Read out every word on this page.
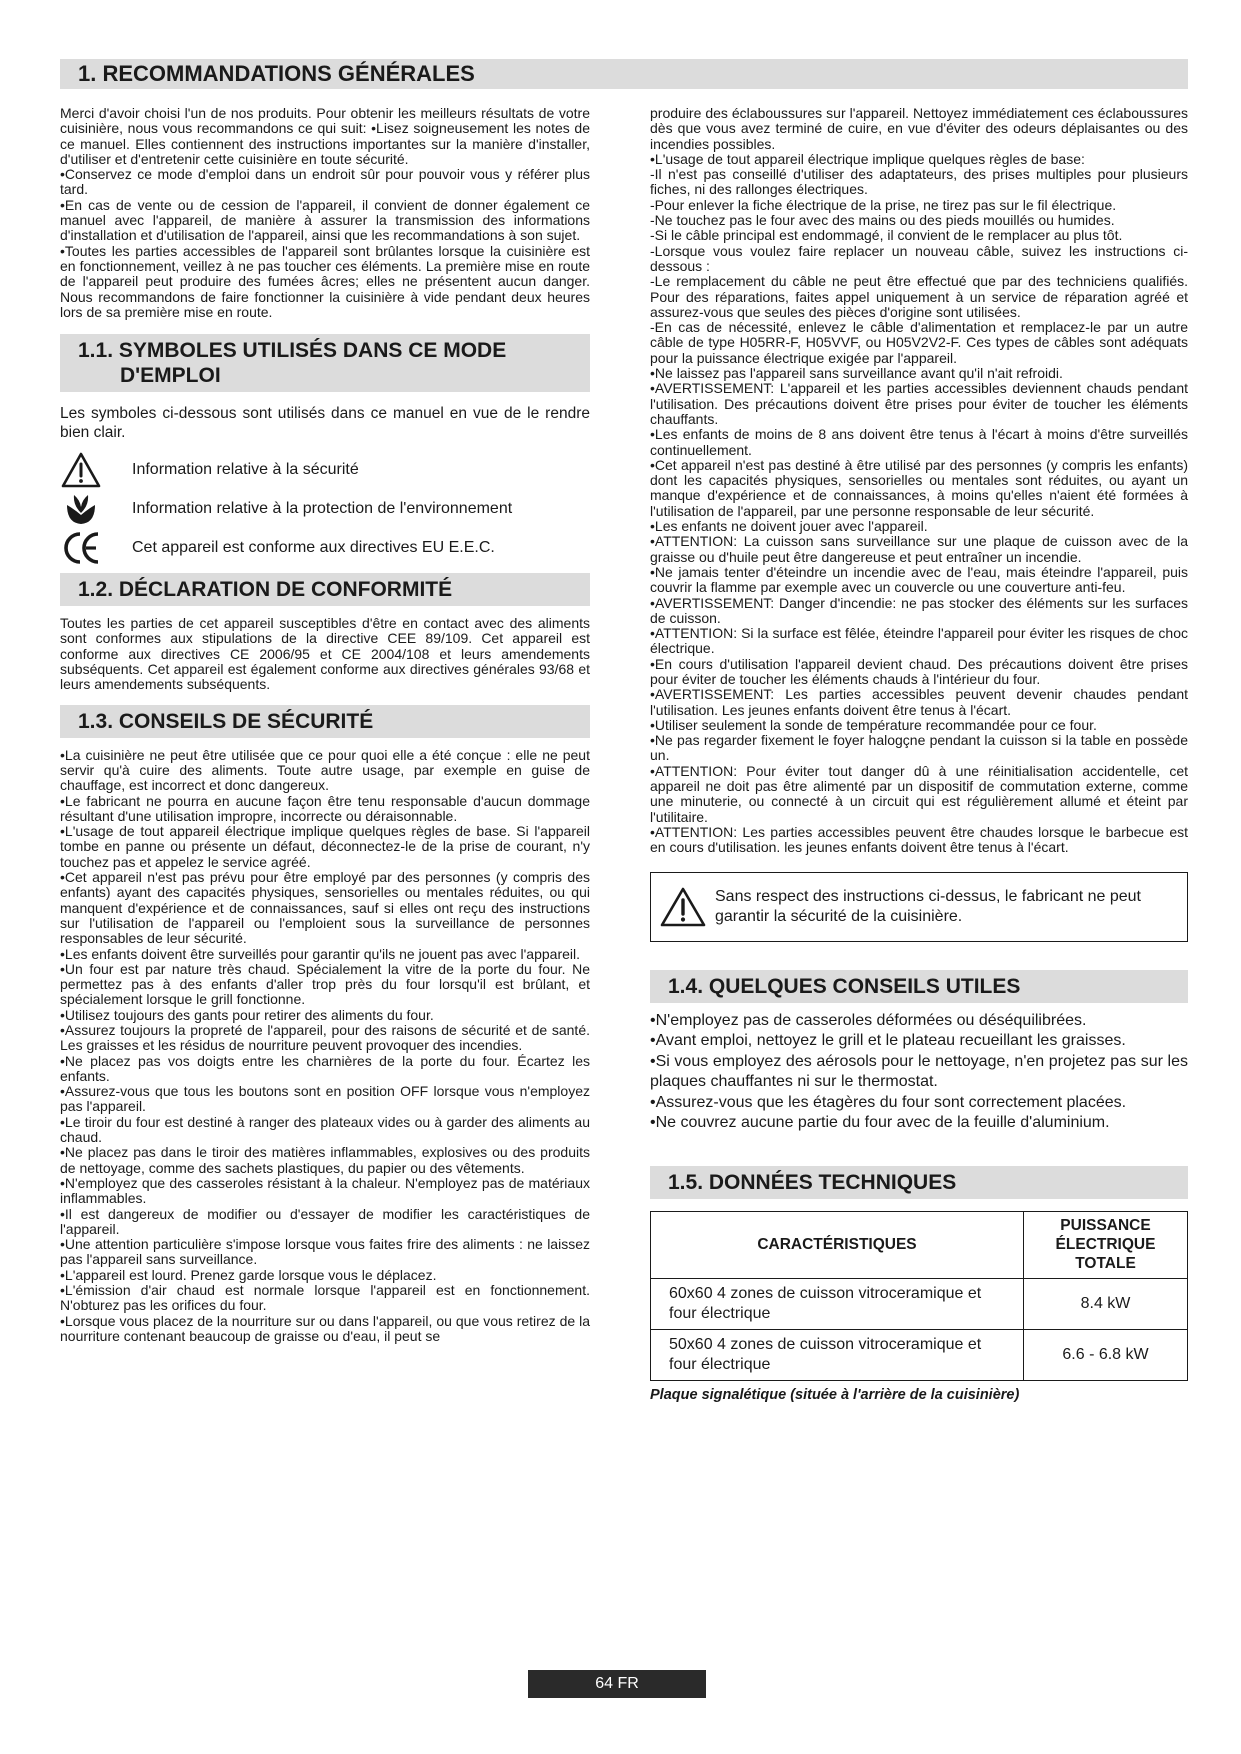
1. RECOMMANDATIONS GÉNÉRALES

Merci d'avoir choisi l'un de nos produits. Pour obtenir les meilleurs résultats de votre cuisinière, nous vous recommandons ce qui suit: •Lisez soigneusement les notes de ce manuel. Elles contiennent des instructions importantes sur la manière d'installer, d'utiliser et d'entretenir cette cuisinière en toute sécurité.

•Conservez ce mode d'emploi dans un endroit sûr pour pouvoir vous y référer plus tard.

•En cas de vente ou de cession de l'appareil, il convient de donner également ce manuel avec l'appareil, de manière à assurer la transmission des informations d'installation et d'utilisation de l'appareil, ainsi que les recommandations à son sujet.

•Toutes les parties accessibles de l'appareil sont brûlantes lorsque la cuisinière est en fonctionnement, veillez à ne pas toucher ces éléments. La première mise en route de l'appareil peut produire des fumées âcres; elles ne présentent aucun danger. Nous recommandons de faire fonctionner la cuisinière à vide pendant deux heures lors de sa première mise en route.

1.1. SYMBOLES UTILISÉS DANS CE MODE
D'EMPLOI

Les symboles ci-dessous sont utilisés dans ce manuel en vue de le rendre bien clair.

Information relative à la sécurité
Information relative à la protection de l'environnement
Cet appareil est conforme aux directives EU E.E.C.
1.2. DÉCLARATION DE CONFORMITÉ

Toutes les parties de cet appareil susceptibles d'être en contact avec des aliments sont conformes aux stipulations de la directive CEE 89/109. Cet appareil est conforme aux directives CE 2006/95 et CE 2004/108 et leurs amendements subséquents. Cet appareil est également conforme aux directives générales 93/68 et leurs amendements subséquents.

1.3. CONSEILS DE SÉCURITÉ

•La cuisinière ne peut être utilisée que ce pour quoi elle a été conçue : elle ne peut servir qu'à cuire des aliments. Toute autre usage, par exemple en guise de chauffage, est incorrect et donc dangereux.

•Le fabricant ne pourra en aucune façon être tenu responsable d'aucun dommage résultant d'une utilisation impropre, incorrecte ou déraisonnable.

•L'usage de tout appareil électrique implique quelques règles de base. Si l'appareil tombe en panne ou présente un défaut, déconnectez-le de la prise de courant, n'y touchez pas et appelez le service agréé.

•Cet appareil n'est pas prévu pour être employé par des personnes (y compris des enfants) ayant des capacités physiques, sensorielles ou mentales réduites, ou qui manquent d'expérience et de connaissances, sauf si elles ont reçu des instructions sur l'utilisation de l'appareil ou l'emploient sous la surveillance de personnes responsables de leur sécurité.

•Les enfants doivent être surveillés pour garantir qu'ils ne jouent pas avec l'appareil.

•Un four est par nature très chaud. Spécialement la vitre de la porte du four. Ne permettez pas à des enfants d'aller trop près du four lorsqu'il est brûlant, et spécialement lorsque le grill fonctionne.

•Utilisez toujours des gants pour retirer des aliments du four.

•Assurez toujours la propreté de l'appareil, pour des raisons de sécurité et de santé. Les graisses et les résidus de nourriture peuvent provoquer des incendies.

•Ne placez pas vos doigts entre les charnières de la porte du four. Écartez les enfants.

•Assurez-vous que tous les boutons sont en position OFF lorsque vous n'employez pas l'appareil.

•Le tiroir du four est destiné à ranger des plateaux vides ou à garder des aliments au chaud.

•Ne placez pas dans le tiroir des matières inflammables, explosives ou des produits de nettoyage, comme des sachets plastiques, du papier ou des vêtements.

•N'employez que des casseroles résistant à la chaleur. N'employez pas de matériaux inflammables.

•Il est dangereux de modifier ou d'essayer de modifier les caractéristiques de l'appareil.

•Une attention particulière s'impose lorsque vous faites frire des aliments : ne laissez pas l'appareil sans surveillance.

•L'appareil est lourd. Prenez garde lorsque vous le déplacez.

•L'émission d'air chaud est normale lorsque l'appareil est en fonctionnement. N'obturez pas les orifices du four.

•Lorsque vous placez de la nourriture sur ou dans l'appareil, ou que vous retirez de la nourriture contenant beaucoup de graisse ou d'eau, il peut se

produire des éclaboussures sur l'appareil. Nettoyez immédiatement ces éclaboussures dès que vous avez terminé de cuire, en vue d'éviter des odeurs déplaisantes ou des incendies possibles.

•L'usage de tout appareil électrique implique quelques règles de base:

-Il n'est pas conseillé d'utiliser des adaptateurs, des prises multiples pour plusieurs fiches, ni des rallonges électriques.

-Pour enlever la fiche électrique de la prise, ne tirez pas sur le fil électrique.

-Ne touchez pas le four avec des mains ou des pieds mouillés ou humides.

-Si le câble principal est endommagé, il convient de le remplacer au plus tôt.

-Lorsque vous voulez faire replacer un nouveau câble, suivez les instructions ci-dessous :

-Le remplacement du câble ne peut être effectué que par des techniciens qualifiés. Pour des réparations, faites appel uniquement à un service de réparation agréé et assurez-vous que seules des pièces d'origine sont utilisées.

-En cas de nécessité, enlevez le câble d'alimentation et remplacez-le par un autre câble de type H05RR-F, H05VVF, ou H05V2V2-F. Ces types de câbles sont adéquats pour la puissance électrique exigée par l'appareil.

•Ne laissez pas l'appareil sans surveillance avant qu'il n'ait refroidi.

•AVERTISSEMENT: L'appareil et les parties accessibles deviennent chauds pendant l'utilisation. Des précautions doivent être prises pour éviter de toucher les éléments chauffants.

•Les enfants de moins de 8 ans doivent être tenus à l'écart à moins d'être surveillés continuellement.

•Cet appareil n'est pas destiné à être utilisé par des personnes (y compris les enfants) dont les capacités physiques, sensorielles ou mentales sont réduites, ou ayant un manque d'expérience et de connaissances, à moins qu'elles n'aient été formées à l'utilisation de l'appareil, par une personne responsable de leur sécurité.

•Les enfants ne doivent jouer avec l'appareil.

•ATTENTION: La cuisson sans surveillance sur une plaque de cuisson avec de la graisse ou d'huile peut être dangereuse et peut entraîner un incendie.

•Ne jamais tenter d'éteindre un incendie avec de l'eau, mais éteindre l'appareil, puis couvrir la flamme par exemple avec un couvercle ou une couverture anti-feu.

•AVERTISSEMENT: Danger d'incendie: ne pas stocker des éléments sur les surfaces de cuisson.

•ATTENTION: Si la surface est fêlée, éteindre l'appareil pour éviter les risques de choc électrique.

•En cours d'utilisation l'appareil devient chaud. Des précautions doivent être prises pour éviter de toucher les éléments chauds à l'intérieur du four.

•AVERTISSEMENT: Les parties accessibles peuvent devenir chaudes pendant l'utilisation. Les jeunes enfants doivent être tenus à l'écart.

•Utiliser seulement la sonde de température recommandée pour ce four.

•Ne pas regarder fixement le foyer halogçne pendant la cuisson si la table en possède un.

•ATTENTION: Pour éviter tout danger dû à une réinitialisation accidentelle, cet appareil ne doit pas être alimenté par un dispositif de commutation externe, comme une minuterie, ou connecté à un circuit qui est régulièrement allumé et éteint par l'utilitaire.

•ATTENTION: Les parties accessibles peuvent être chaudes lorsque le barbecue est en cours d'utilisation. les jeunes enfants doivent être tenus à l'écart.

Sans respect des instructions ci-dessus, le fabricant ne peut garantir la sécurité de la cuisinière.
1.4. QUELQUES CONSEILS UTILES

•N'employez pas de casseroles déformées ou déséquilibrées.

•Avant emploi, nettoyez le grill et le plateau recueillant les graisses.

•Si vous employez des aérosols pour le nettoyage, n'en projetez pas sur les plaques chauffantes ni sur le thermostat.

•Assurez-vous que les étagères du four sont correctement placées.

•Ne couvrez aucune partie du four avec de la feuille d'aluminium.

1.5. DONNÉES TECHNIQUES
CARACTÉRISTIQUES	PUISSANCE ÉLECTRIQUE TOTALE
60x60 4 zones de cuisson vitroceramique et four électrique	8.4 kW
50x60 4 zones de cuisson vitroceramique et four électrique	6.6 - 6.8 kW
Plaque signalétique (située à l'arrière de la cuisinière)
64 FR
